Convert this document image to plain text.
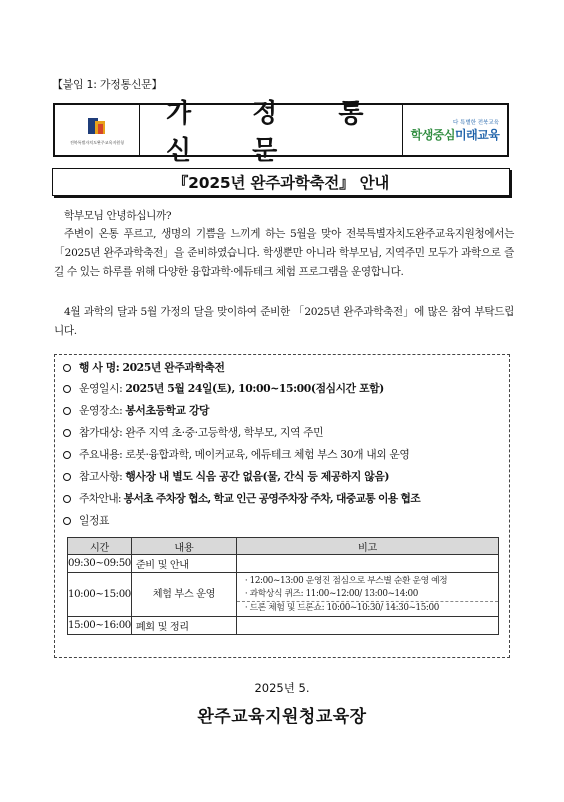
【붙임 1: 가정통신문】
전북특별자치도완주교육지원청
가 정 통 신 문
다 특별한 전북교육
학생중심미래교육
『2025년 완주과학축전』 안내
학부모님 안녕하십니까?
주변이 온통 푸르고, 생명의 기쁨을 느끼게 하는 5월을 맞아 전북특별자치도완주교육지원청에서는 「2025년 완주과학축전」을 준비하였습니다. 학생뿐만 아니라 학부모님, 지역주민 모두가 과학으로 즐길 수 있는 하루를 위해 다양한 융합과학·에듀테크 체험 프로그램을 운영합니다.
4월 과학의 달과 5월 가정의 달을 맞이하여 준비한 「2025년 완주과학축전」에 많은 참여 부탁드립니다.
행 사 명: 2025년 완주과학축전
운영일시: 2025년 5월 24일(토), 10:00~15:00(점심시간 포함)
운영장소: 봉서초등학교 강당
참가대상: 완주 지역 초·중·고등학생, 학부모, 지역 주민
주요내용: 로봇·융합과학, 메이커교육, 에듀테크 체험 부스 30개 내외 운영
참고사항: 행사장 내 별도 식음 공간 없음(물, 간식 등 제공하지 않음)
주차안내: 봉서초 주차장 협소, 학교 인근 공영주차장 주차, 대중교통 이용 협조
일정표
시간	내용	비고
09:30~09:50	준비 및 안내	
10:00~15:00	체험 부스 운영	· 12:00~13:00 운영진 점심으로 부스별 순환 운영 예정
· 과학상식 퀴즈: 11:00~12:00/ 13:00~14:00
· 드론 체험 및 드론쇼: 10:00~10:30/ 14:30~15:00

15:00~16:00	폐회 및 정리	
2025년 5.
완주교육지원청교육장
